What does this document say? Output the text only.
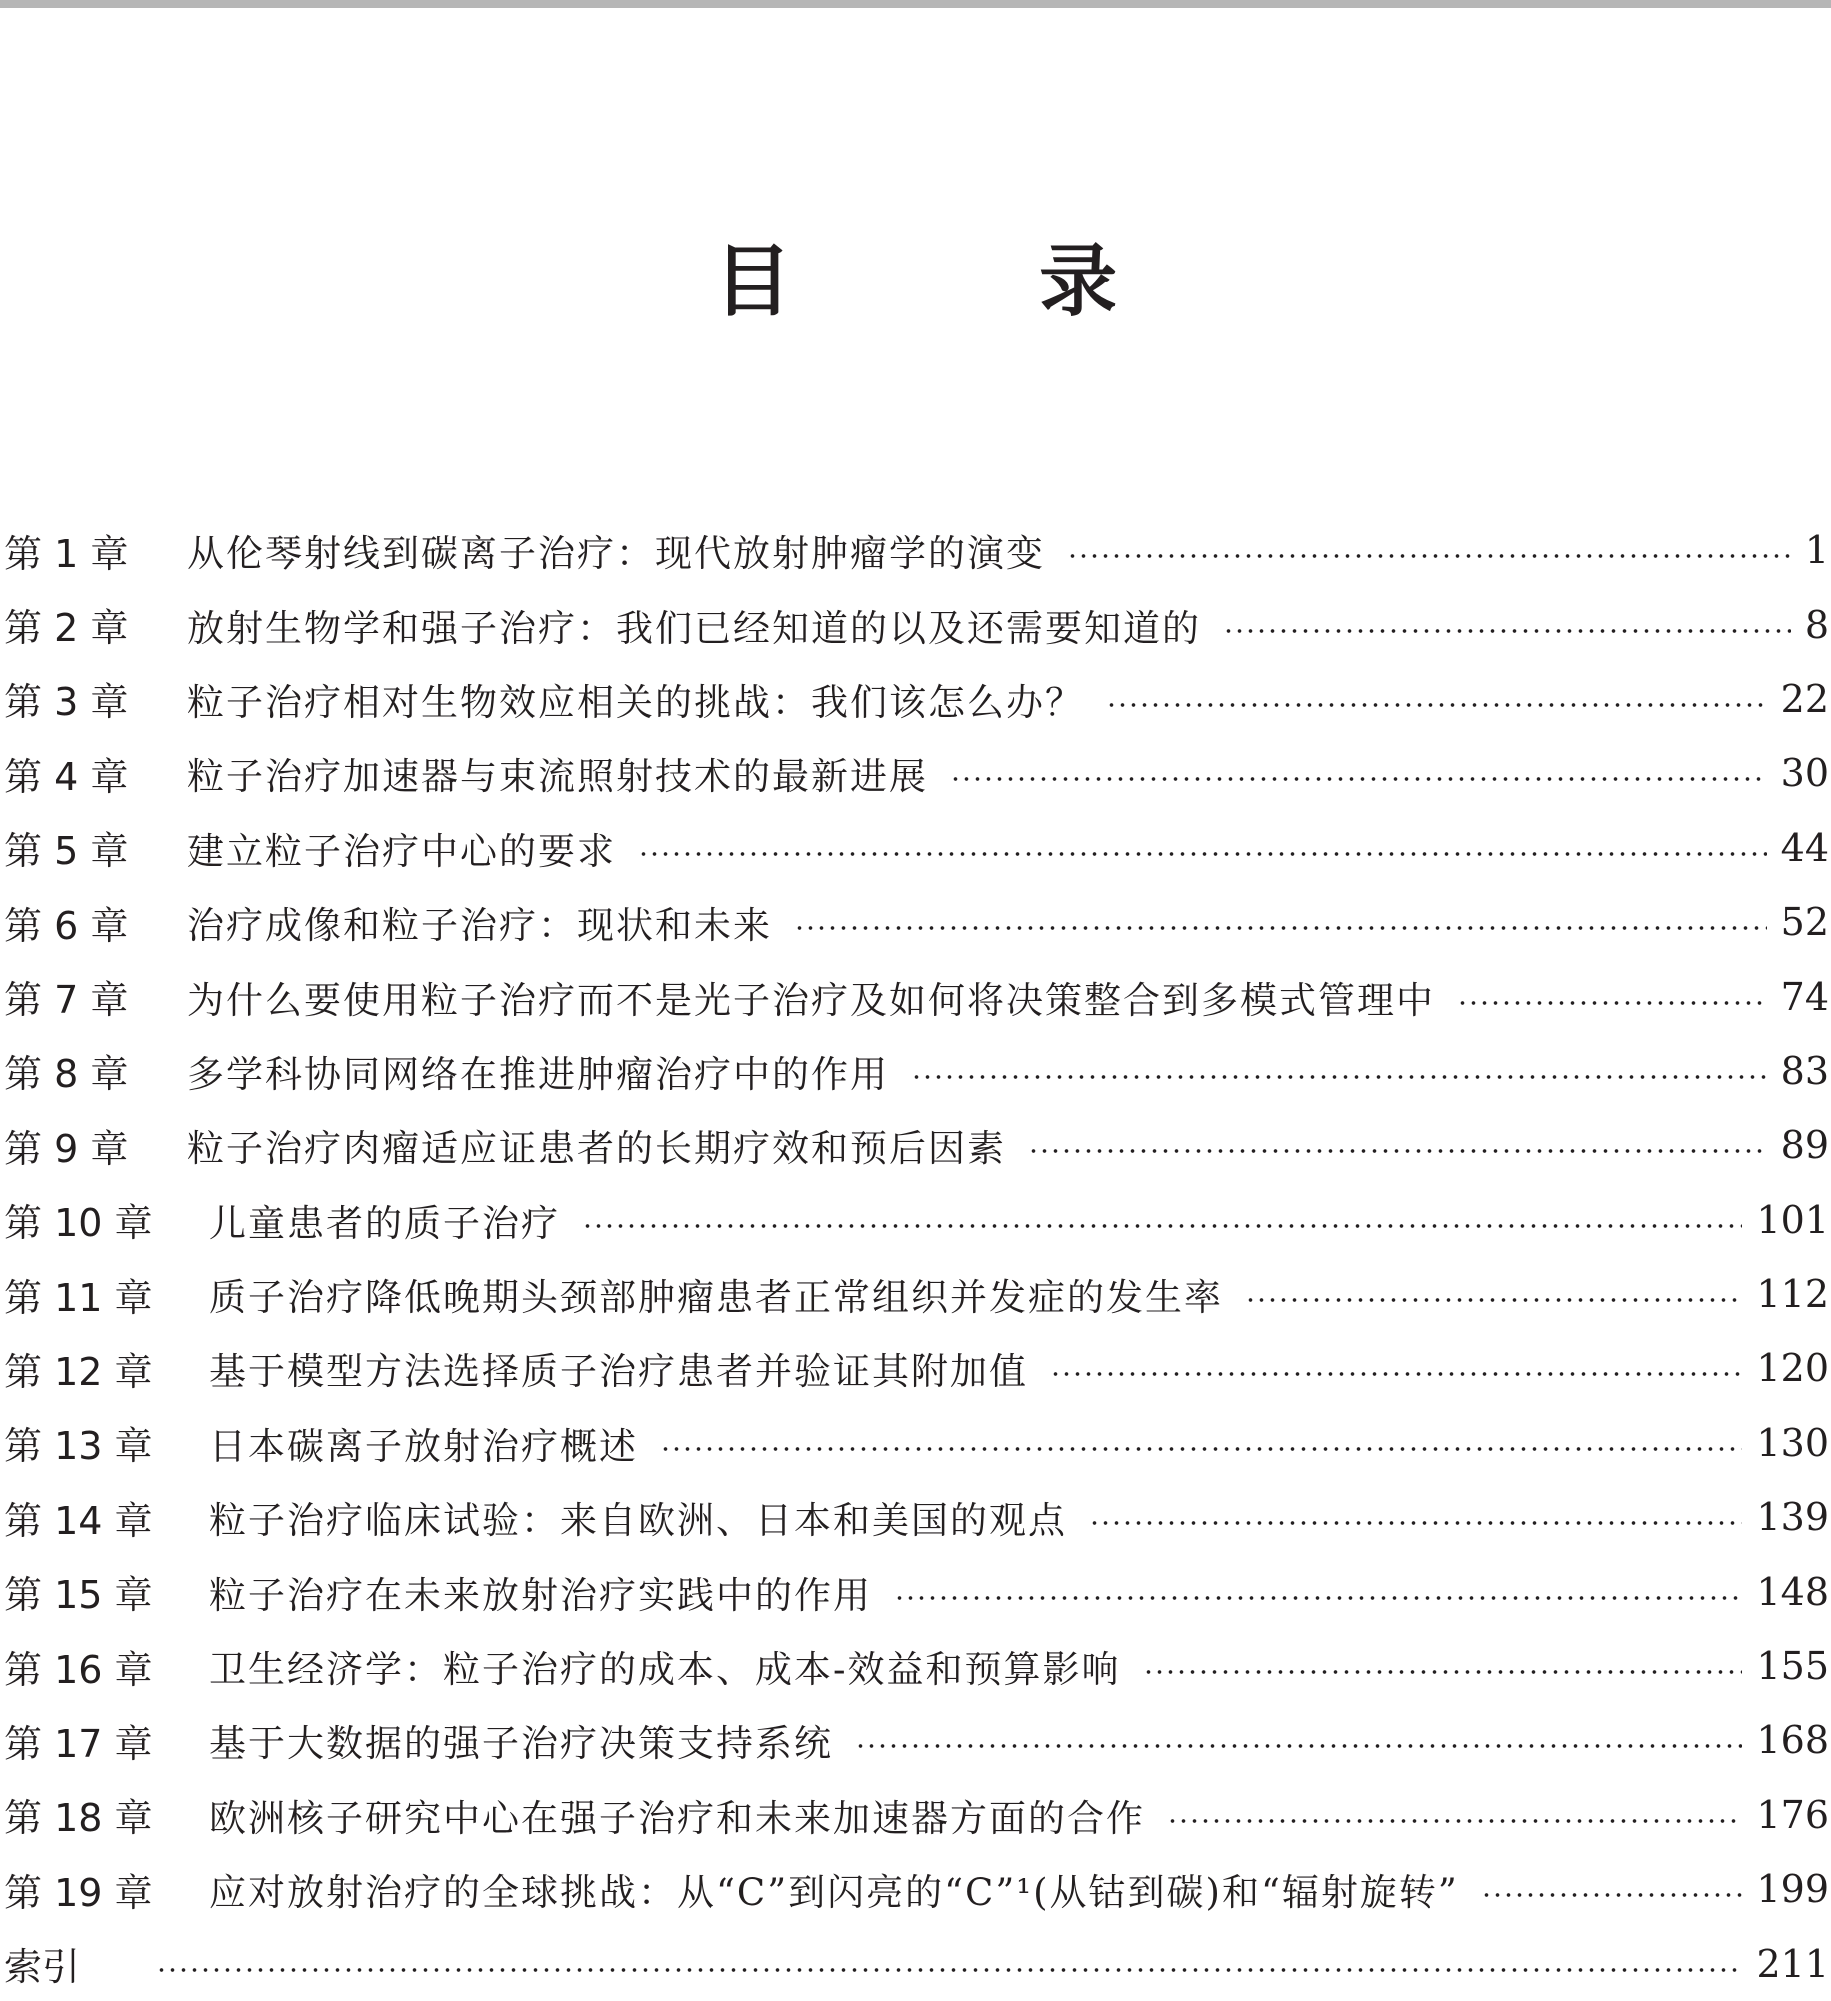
目 录
第 1 章	从伦琴射线到碳离子治疗：现代放射肿瘤学的演变	1
第 2 章	放射生物学和强子治疗：我们已经知道的以及还需要知道的	8
第 3 章	粒子治疗相对生物效应相关的挑战：我们该怎么办？	22
第 4 章	粒子治疗加速器与束流照射技术的最新进展	30
第 5 章	建立粒子治疗中心的要求	44
第 6 章	治疗成像和粒子治疗：现状和未来	52
第 7 章	为什么要使用粒子治疗而不是光子治疗及如何将决策整合到多模式管理中	74
第 8 章	多学科协同网络在推进肿瘤治疗中的作用	83
第 9 章	粒子治疗肉瘤适应证患者的长期疗效和预后因素	89
第 10 章	儿童患者的质子治疗	101
第 11 章	质子治疗降低晚期头颈部肿瘤患者正常组织并发症的发生率	112
第 12 章	基于模型方法选择质子治疗患者并验证其附加值	120
第 13 章	日本碳离子放射治疗概述	130
第 14 章	粒子治疗临床试验：来自欧洲、日本和美国的观点	139
第 15 章	粒子治疗在未来放射治疗实践中的作用	148
第 16 章	卫生经济学：粒子治疗的成本、成本-效益和预算影响	155
第 17 章	基于大数据的强子治疗决策支持系统	168
第 18 章	欧洲核子研究中心在强子治疗和未来加速器方面的合作	176
第 19 章	应对放射治疗的全球挑战：从“C”到闪亮的“C”¹(从钴到碳)和“辐射旋转”	199
索引	211
